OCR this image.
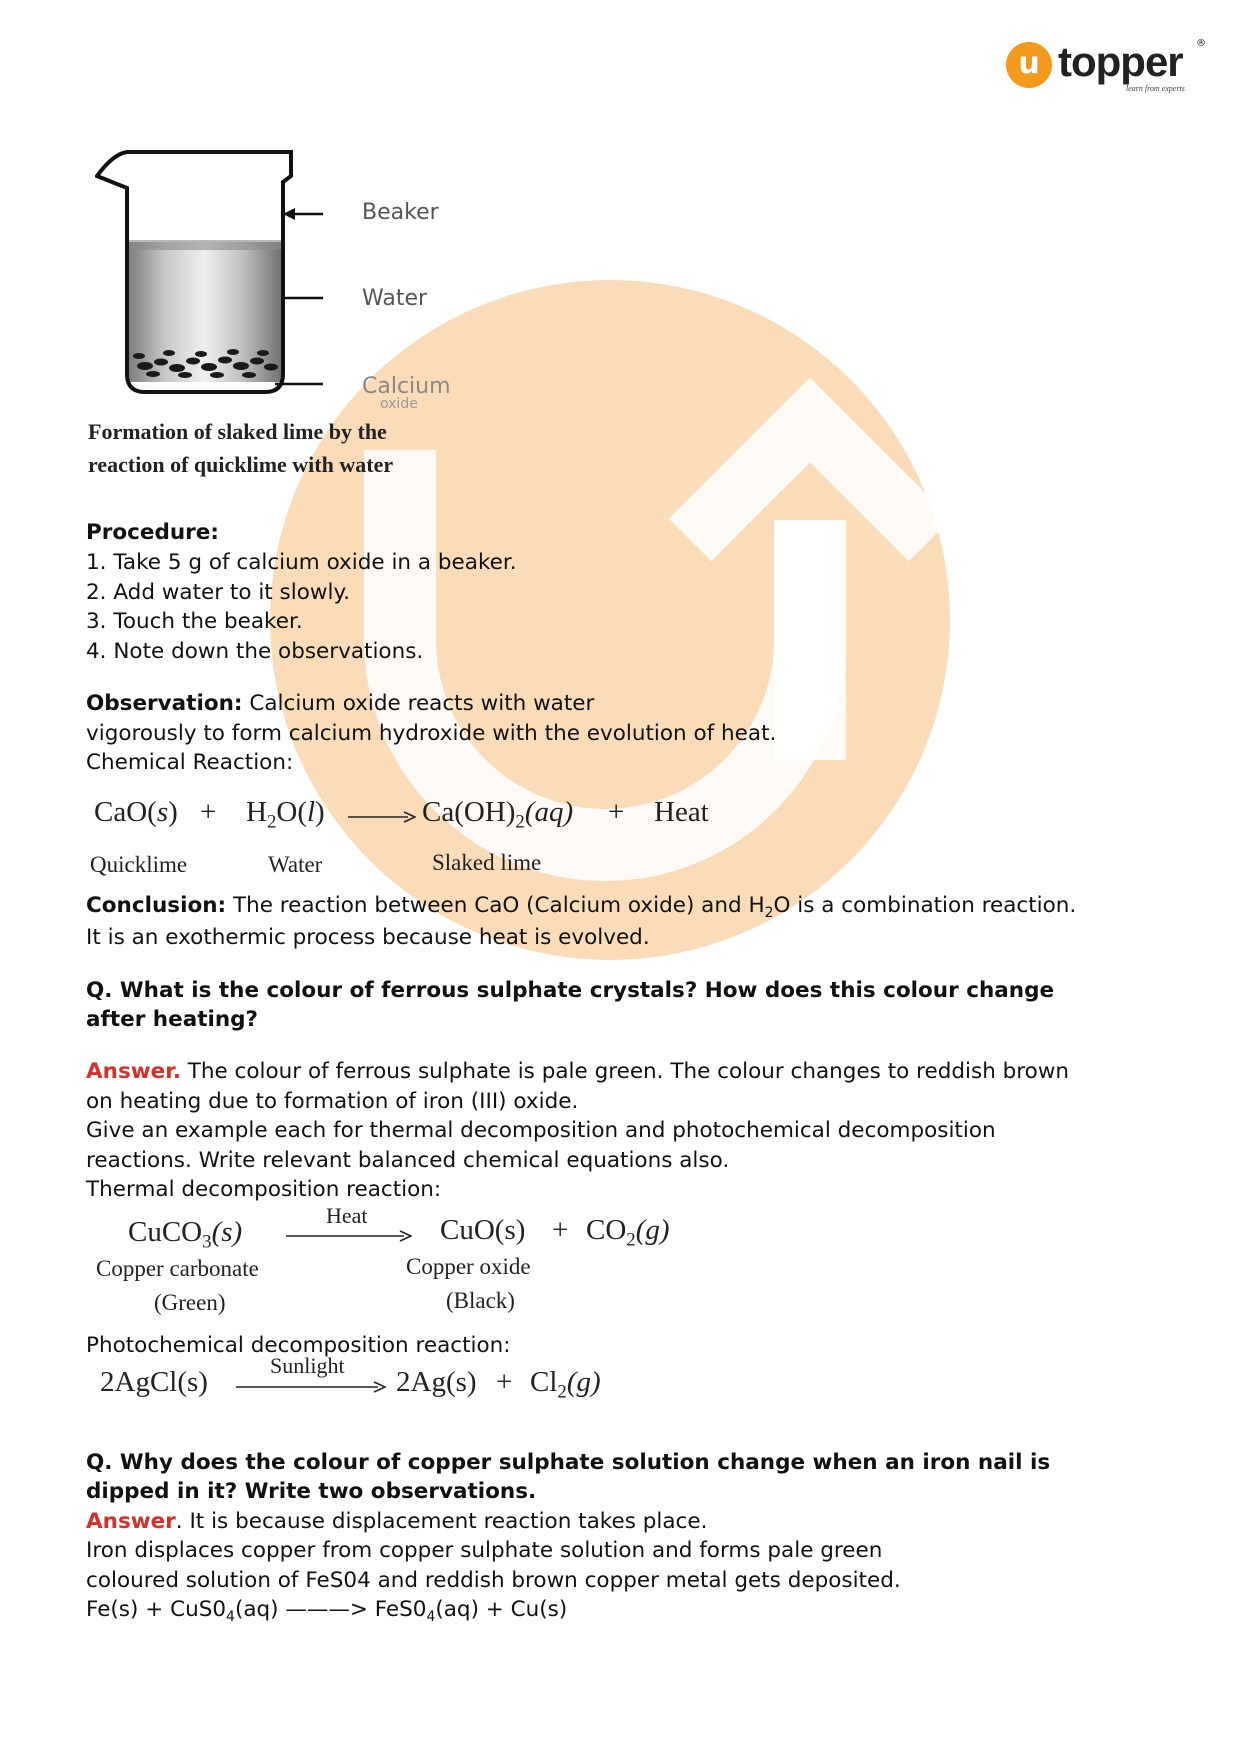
u topper
learn from experts
®
Beaker
Water
Calcium
oxide
Formation of slaked lime by the
reaction of quicklime with water
Procedure:
1. Take 5 g of calcium oxide in a beaker.
2. Add water to it slowly.
3. Touch the beaker.
4. Note down the observations.
Observation: Calcium oxide reacts with water
vigorously to form calcium hydroxide with the evolution of heat.
Chemical Reaction:
$CaO(s) + H_2O(l)$	$Ca(OH)_2(aq)$ + Heat
Quicklime	Water	Slaked lime
Conclusion: The reaction between CaO (Calcium oxide) and $H_2O$ is a combination reaction.
It is an exothermic process because heat is evolved.
Q. What is the colour of ferrous sulphate crystals? How does this colour change
after heating?
Answer. The colour of ferrous sulphate is pale green. The colour changes to reddish brown
on heating due to formation of iron (III) oxide.
Give an example each for thermal decomposition and photochemical decomposition
reactions. Write relevant balanced chemical equations also.
Thermal decomposition reaction:
CuCO$_3$(s)
Heat $CuO(s) + CO_2(g)$
Copper carbonate
(Green)
Copper oxide
(Black)
Photochemical decomposition reaction:
2AgCl(s)
Sunlight
$2Ag(s) + Cl_2(g)$
Q. Why does the colour of copper sulphate solution change when an iron nail is
dipped in it? Write two observations.
Answer. It is because displacement reaction takes place.
Iron displaces copper from copper sulphate solution and forms pale green
coloured solution of FeS04 and reddish brown copper metal gets deposited.
$Fe(s) + CuS0_4(aq)$ ———> $FeS0_4(aq) + Cu(s)$
